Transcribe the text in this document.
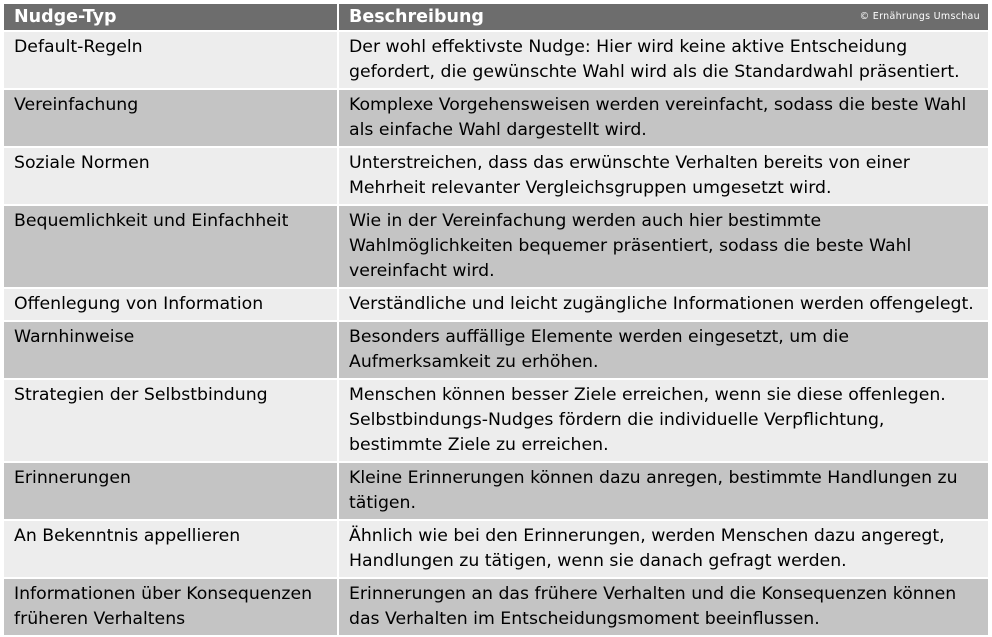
Nudge-Typ	Beschreibung © Ernährungs Umschau

Default-Regeln	Der wohl effektivste Nudge: Hier wird keine aktive Entscheidung gefordert, die gewünschte Wahl wird als die Standardwahl präsentiert.
Vereinfachung	Komplexe Vorgehensweisen werden vereinfacht, sodass die beste Wahl als einfache Wahl dargestellt wird.
Soziale Normen	Unterstreichen, dass das erwünschte Verhalten bereits von einer Mehrheit relevanter Vergleichsgruppen umgesetzt wird.
Bequemlichkeit und Einfachheit	Wie in der Vereinfachung werden auch hier bestimmte Wahlmöglichkeiten bequemer präsentiert, sodass die beste Wahl vereinfacht wird.
Offenlegung von Information	Verständliche und leicht zugängliche Informationen werden offengelegt.
Warnhinweise	Besonders auffällige Elemente werden eingesetzt, um die Aufmerksamkeit zu erhöhen.
Strategien der Selbstbindung	Menschen können besser Ziele erreichen, wenn sie diese offenlegen. Selbstbindungs-Nudges fördern die individuelle Verpflichtung, bestimmte Ziele zu erreichen.
Erinnerungen	Kleine Erinnerungen können dazu anregen, bestimmte Handlungen zu tätigen.
An Bekenntnis appellieren	Ähnlich wie bei den Erinnerungen, werden Menschen dazu angeregt, Handlungen zu tätigen, wenn sie danach gefragt werden.
Informationen über Konsequenzen früheren Verhaltens	Erinnerungen an das frühere Verhalten und die Konsequenzen können das Verhalten im Entscheidungsmoment beeinflussen.
